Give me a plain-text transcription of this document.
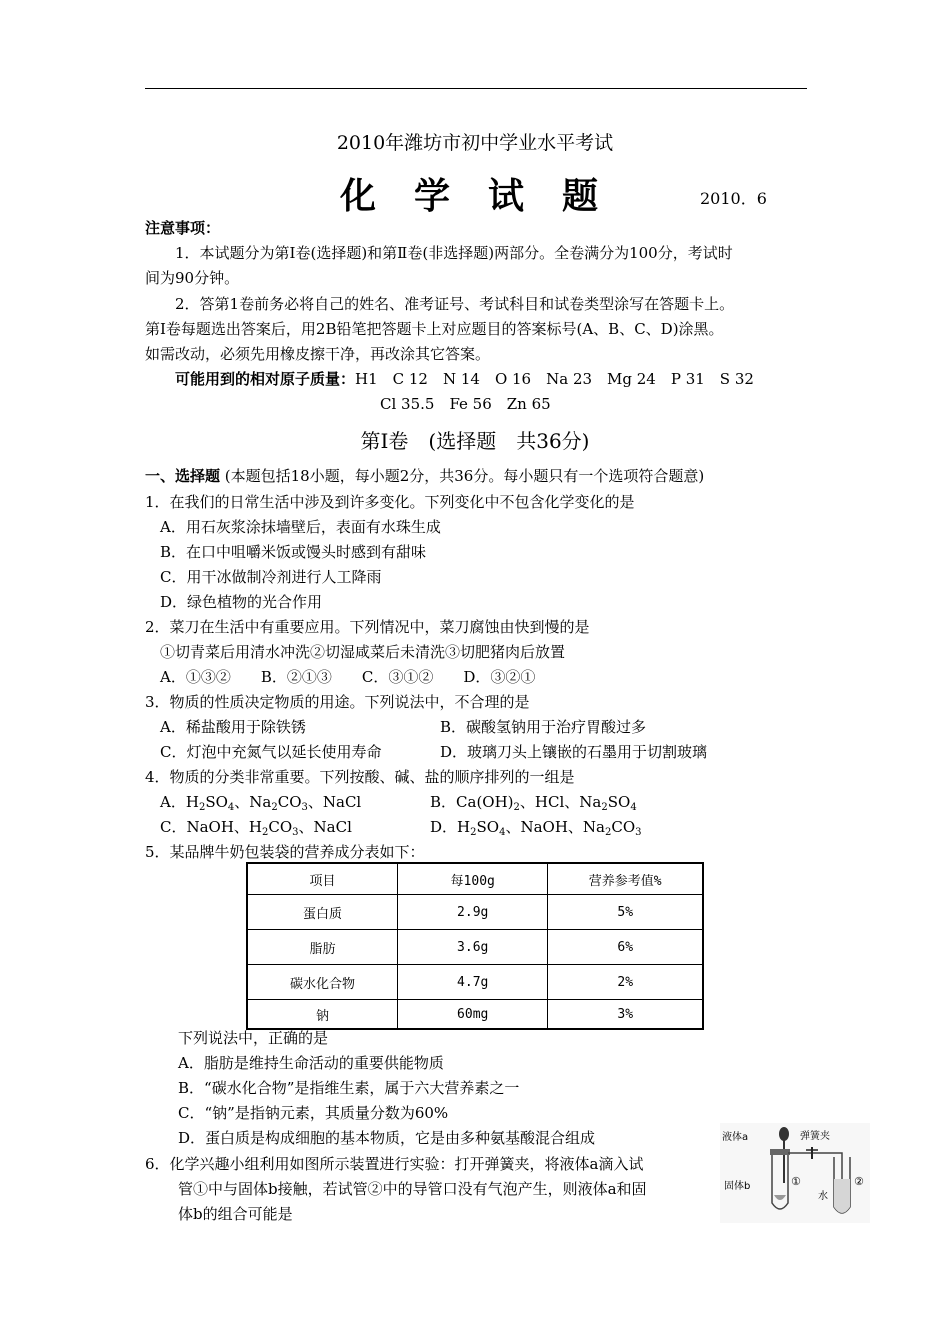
2010年潍坊市初中学业水平考试
化学试题	2010．6
注意事项：
1．本试题分为第Ⅰ卷(选择题)和第Ⅱ卷(非选择题)两部分。全卷满分为100分，考试时
间为90分钟。
2．答第1卷前务必将自己的姓名、准考证号、考试科目和试卷类型涂写在答题卡上。
第Ⅰ卷每题选出答案后，用2B铅笔把答题卡上对应题目的答案标号(A、B、C、D)涂黑。
如需改动，必须先用橡皮擦干净，再改涂其它答案。
可能用到的相对原子质量：H1　C 12　N 14　O 16　Na 23　Mg 24　P 31　S 32
Cl 35.5　Fe 56　Zn 65
第Ⅰ卷　(选择题　共36分)
一、选择题 (本题包括18小题，每小题2分，共36分。每小题只有一个选项符合题意)
1．在我们的日常生活中涉及到许多变化。下列变化中不包含化学变化的是
A．用石灰浆涂抹墙壁后，表面有水珠生成
B．在口中咀嚼米饭或馒头时感到有甜味
C．用干冰做制冷剂进行人工降雨
D．绿色植物的光合作用
2．菜刀在生活中有重要应用。下列情况中，菜刀腐蚀由快到慢的是
①切青菜后用清水冲洗②切湿咸菜后未清洗③切肥猪肉后放置
A．①③②　　B．②①③　　C．③①②　　D．③②①
3．物质的性质决定物质的用途。下列说法中，不合理的是
A．稀盐酸用于除铁锈	B．碳酸氢钠用于治疗胃酸过多
C．灯泡中充氮气以延长使用寿命	D．玻璃刀头上镶嵌的石墨用于切割玻璃
4．物质的分类非常重要。下列按酸、碱、盐的顺序排列的一组是
A．$H_2SO_4$、$Na_2CO_3$、NaCl	B．$Ca(OH)_2$、HCl、$Na_2SO_4$
C．NaOH、$H_2CO_3$、NaCl	D．$H_2SO_4$、NaOH、$Na_2CO_3$
5．某品牌牛奶包装袋的营养成分表如下：
项目	每100g	营养参考值%
蛋白质	2.9g	5%
脂肪	3.6g	6%
碳水化合物	4.7g	2%
钠	60mg	3%
下列说法中，正确的是
A．脂肪是维持生命活动的重要供能物质
B．“碳水化合物”是指维生素，属于六大营养素之一
C．“钠”是指钠元素，其质量分数为60%
D．蛋白质是构成细胞的基本物质，它是由多种氨基酸混合组成
6．化学兴趣小组利用如图所示装置进行实验：打开弹簧夹，将液体a滴入试
管①中与固体b接触，若试管②中的导管口没有气泡产生，则液体a和固
体b的组合可能是
液体a	弹簧夹
固体b	①
水
②
